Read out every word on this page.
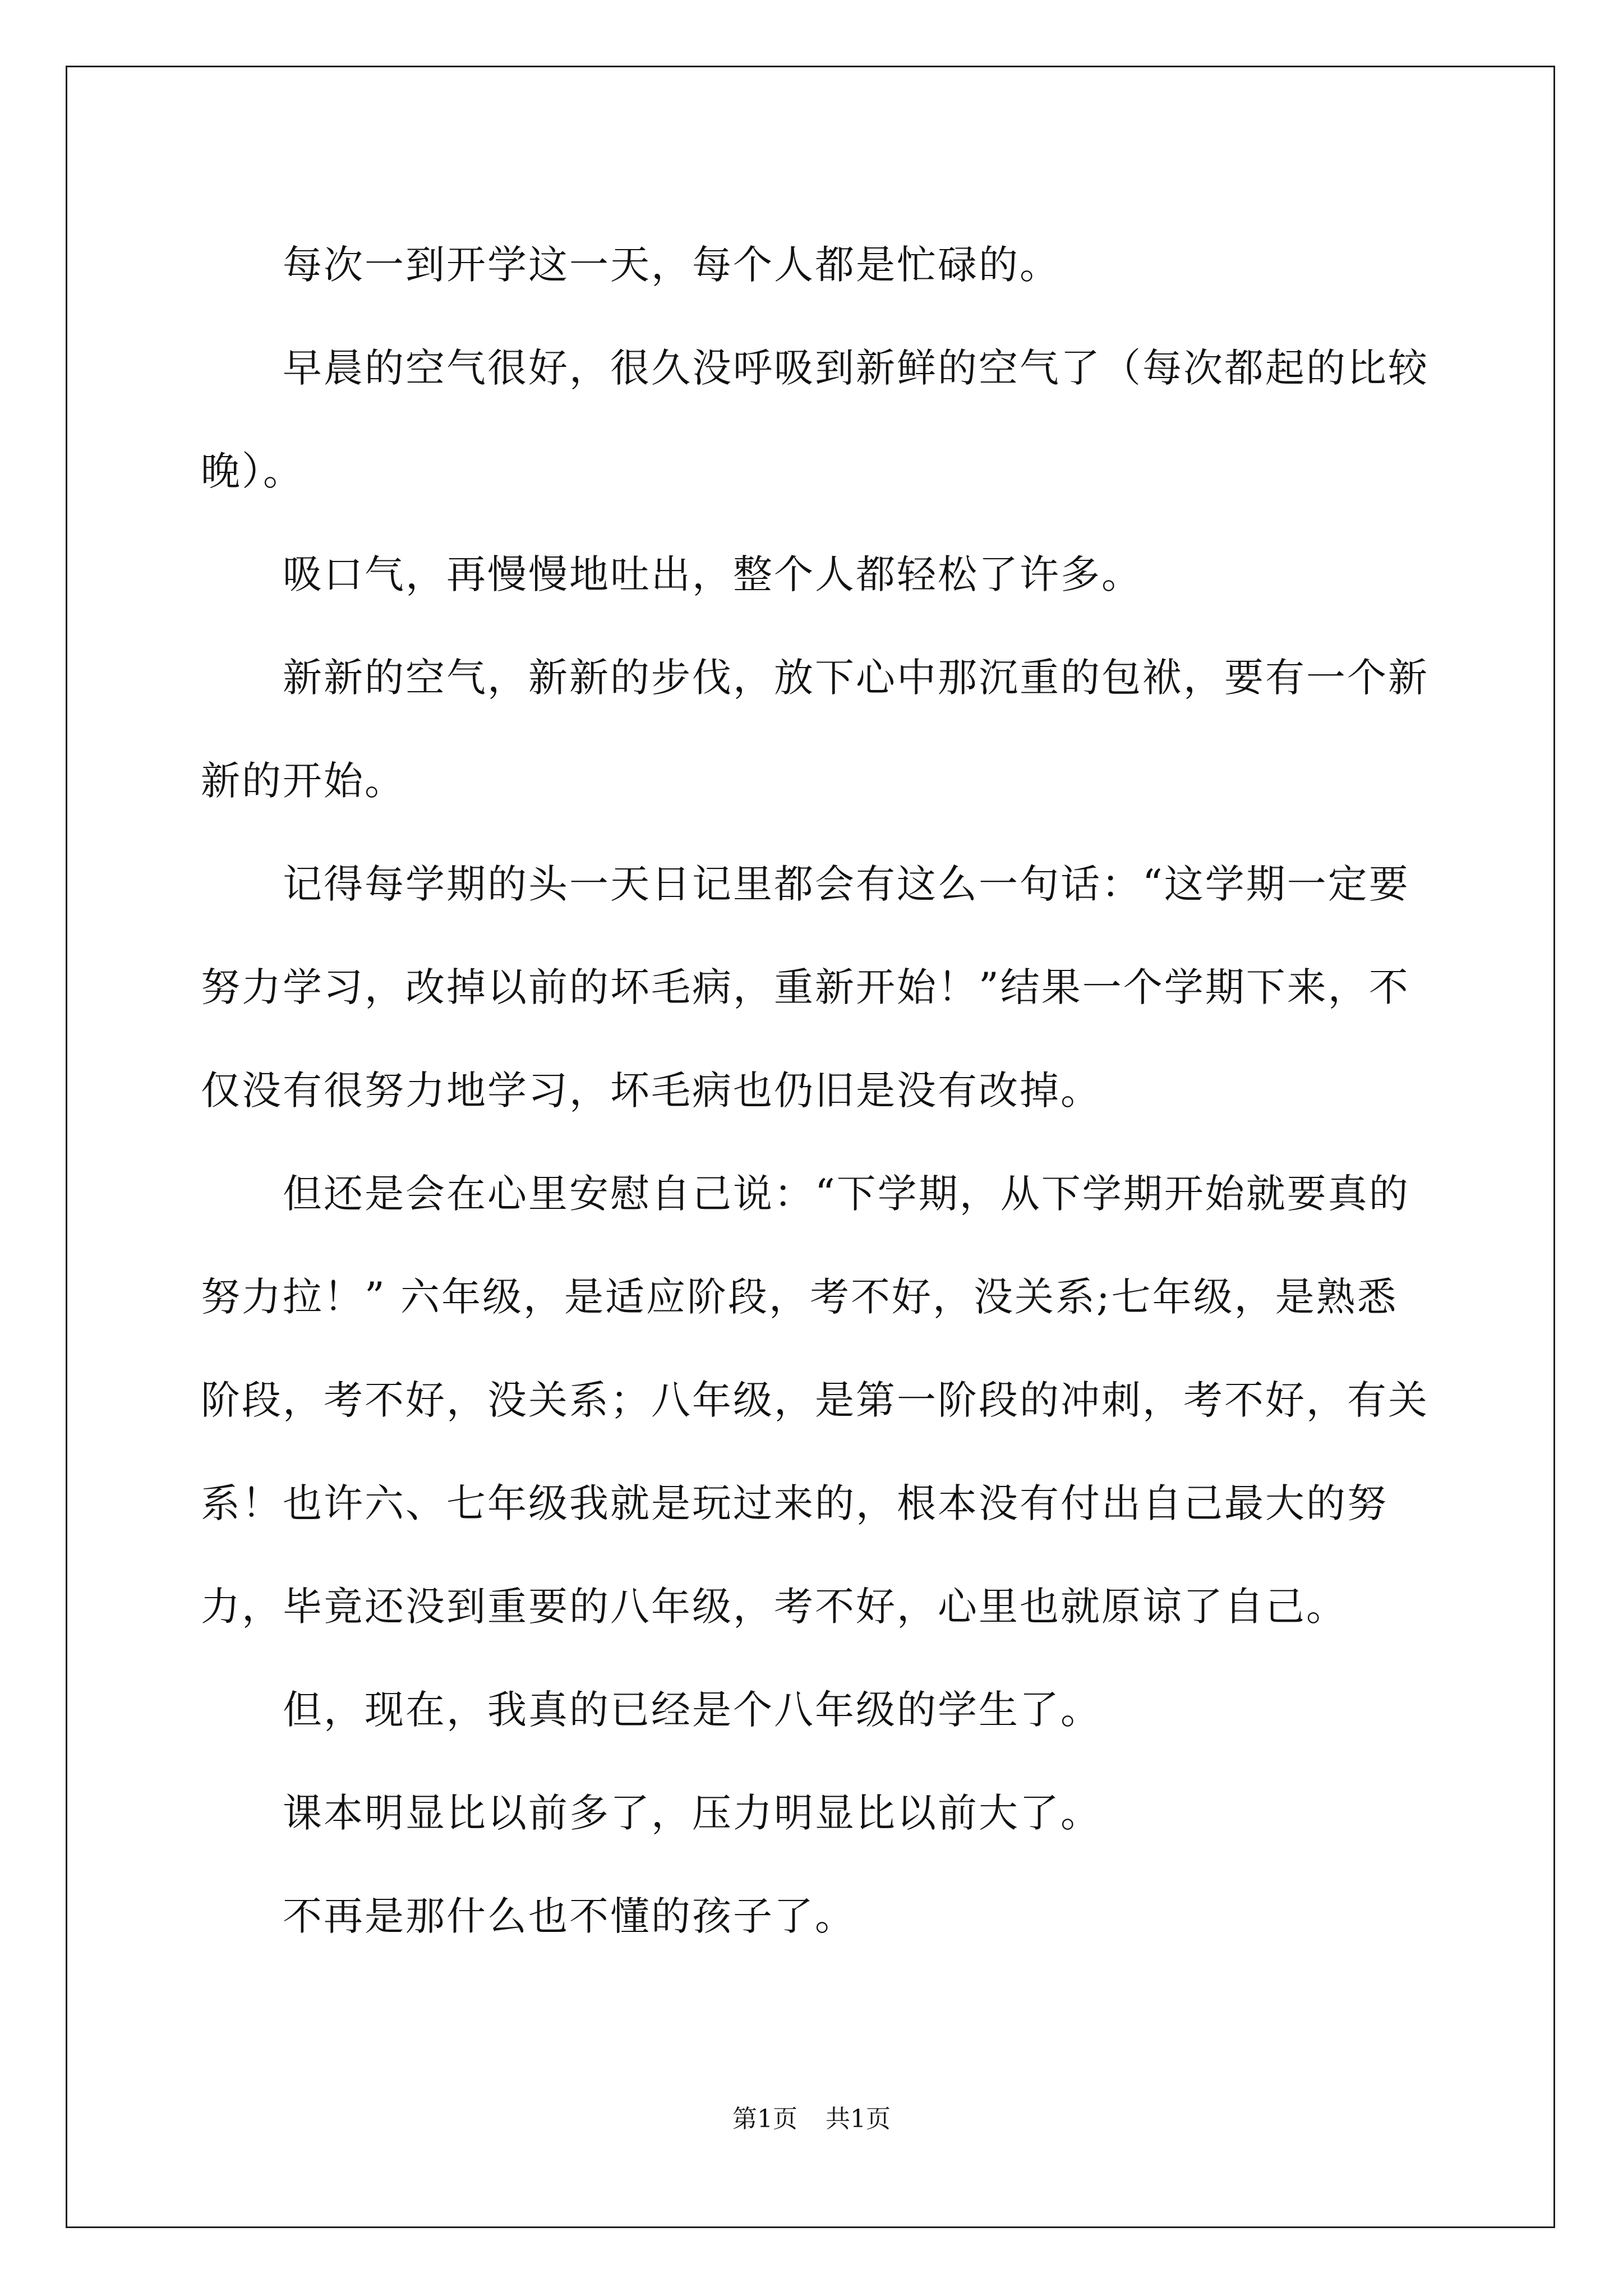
每次一到开学这一天，每个人都是忙碌的。

早晨的空气很好，很久没呼吸到新鲜的空气了（每次都起的比较晚）。

吸口气，再慢慢地吐出，整个人都轻松了许多。

新新的空气，新新的步伐，放下心中那沉重的包袱，要有一个新新的开始。

记得每学期的头一天日记里都会有这么一句话：“这学期一定要努力学习，改掉以前的坏毛病，重新开始！”结果一个学期下来，不仅没有很努力地学习，坏毛病也仍旧是没有改掉。

但还是会在心里安慰自己说：“下学期，从下学期开始就要真的努力拉！” 六年级，是适应阶段，考不好，没关系;七年级，是熟悉阶段，考不好，没关系；八年级，是第一阶段的冲刺，考不好，有关系！也许六、七年级我就是玩过来的，根本没有付出自己最大的努力，毕竟还没到重要的八年级，考不好，心里也就原谅了自己。

但，现在，我真的已经是个八年级的学生了。

课本明显比以前多了，压力明显比以前大了。

不再是那什么也不懂的孩子了。

第1页 共1页
